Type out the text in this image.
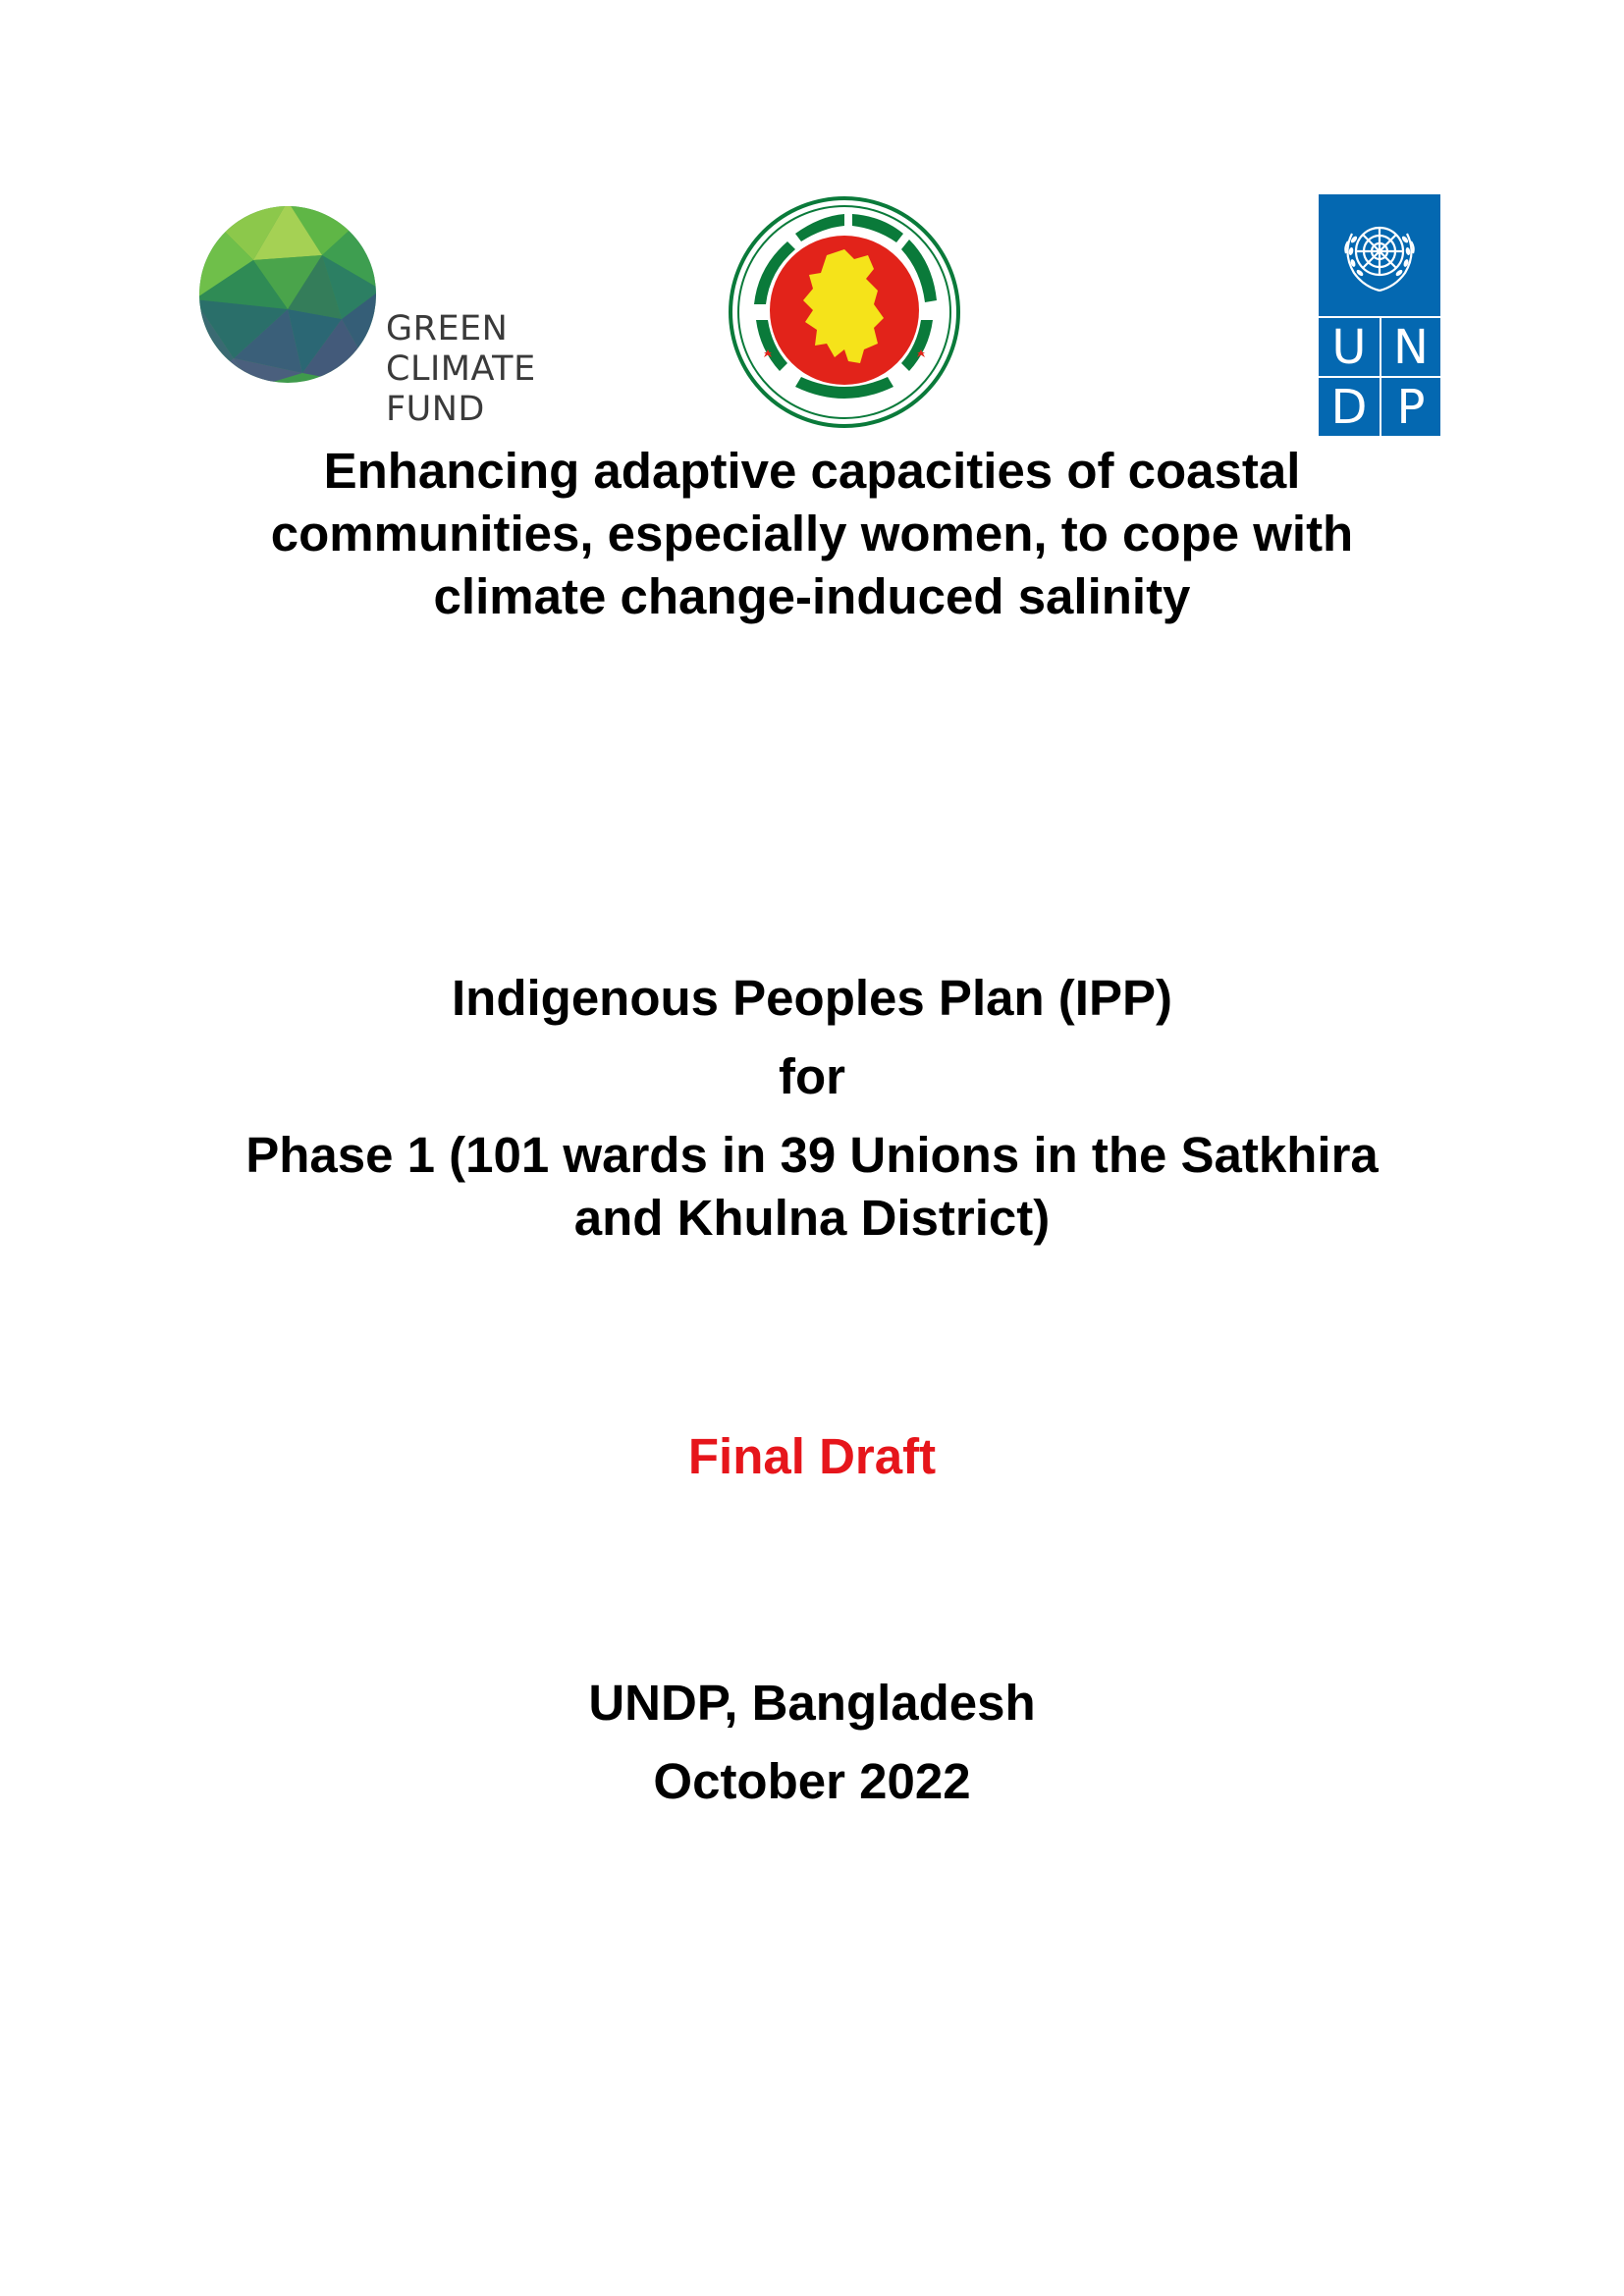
GREEN
CLIMATE
FUND
U N
D P
Enhancing adaptive capacities of coastal
communities, especially women, to cope with
climate change-induced salinity
Indigenous Peoples Plan (IPP)
for
Phase 1 (101 wards in 39 Unions in the Satkhira
and Khulna District)
Final Draft
UNDP, Bangladesh
October 2022
